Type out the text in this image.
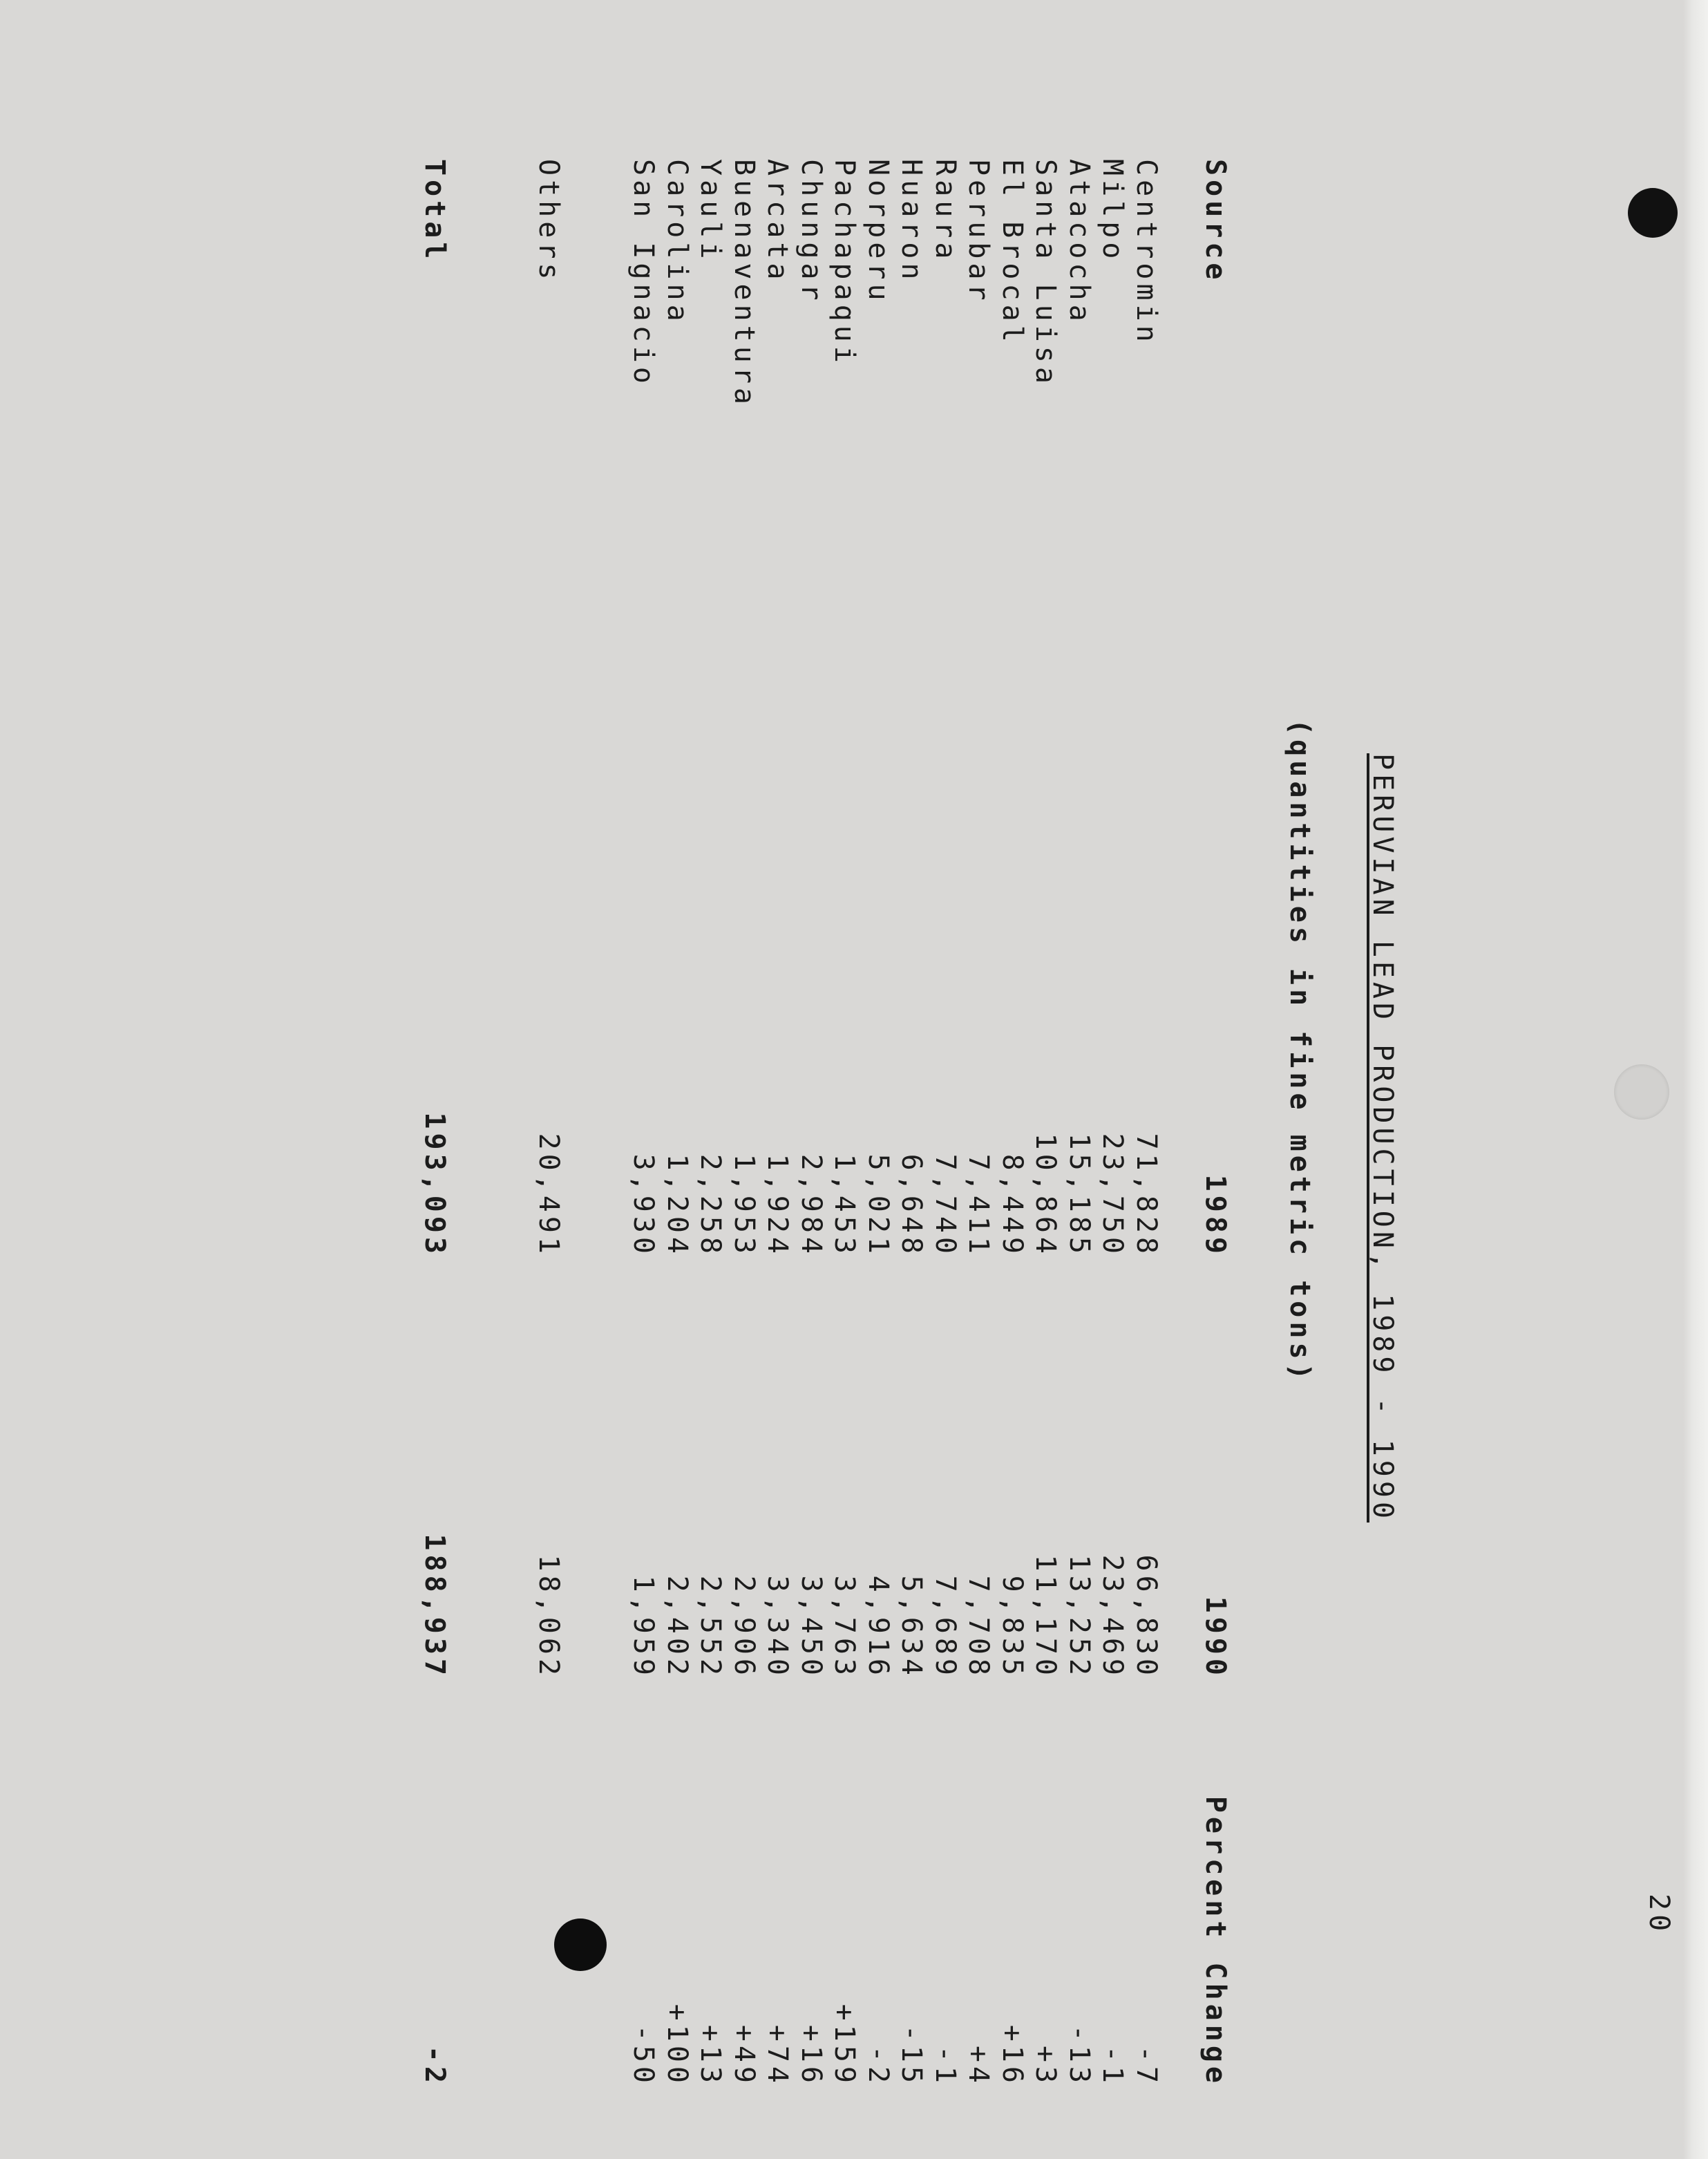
20
PERUVIAN LEAD PRODUCTION, 1989 - 1990
(quantities in fine metric tons)
Source
1989
1990
Percent Change
Centromin
71,828
66,830
-7
Milpo
23,750
23,469
-1
Atacocha
15,185
13,252
-13
Santa Luisa
10,864
11,170
+3
El Brocal
8,449
9,835
+16
Perubar
7,411
7,708
+4
Raura
7,740
7,689
-1
Huaron
6,648
5,634
-15
Norperu
5,021
4,916
-2
Pachapaqui
1,453
3,763
+159
Chungar
2,984
3,450
+16
Arcata
1,924
3,340
+74
Buenaventura
1,953
2,906
+49
Yauli
2,258
2,552
+13
Carolina
1,204
2,402
+100
San Ignacio
3,930
1,959
-50
Others
20,491
18,062
Total
193,093
188,937
-2
